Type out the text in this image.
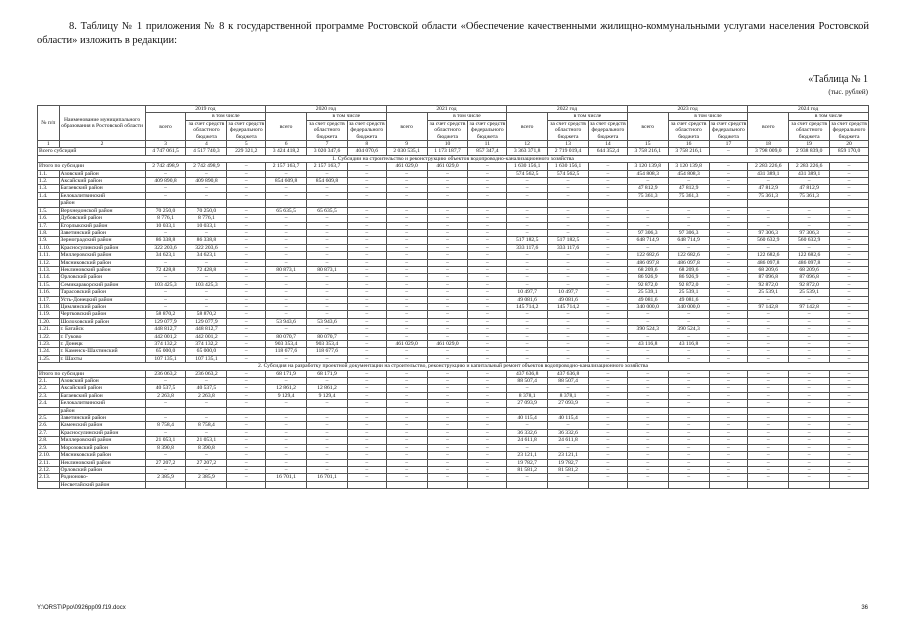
8. Таблицу № 1 приложения № 8 к государственной программе Ростовской области «Обеспечение качественными жилищно-коммунальными услугами населения Ростовской области» изложить в редакции:

«Таблица № 1
(тыс. рублей)
№ п/п	Наименование муниципального образования в Ростовской области	2019 год			2020 год			2021 год			2022 год			2023 год			2024 год		
		всего	в том числе		всего	в том числе		всего	в том числе		всего	в том числе		всего	в том числе		всего	в том числе	
			за счет средств областного бюджета	за счет средств федерального бюджета		за счет средств областного бюджета	за счет средств федерального бюджета		за счет средств областного бюджета	за счет средств федерального бюджета		за счет средств областного бюджета	за счет средств федерального бюджета		за счет средств областного бюджета	за счет средств федерального бюджета		за счет средств областного бюджета	за счет средств федерального бюджета
1	2	3	4	5	6	7	8	9	10	11	12	13	14	15	16	17	18	19	20
Всего субсидий		4 747 061,5	4 517 740,3	229 321,2	3 424 418,2	3 020 347,6	404 070,6	2 030 535,1	1 173 187,7	857 347,4	3 363 371,8	2 719 019,4	644 352,4	3 758 216,1	3 758 216,1	–	3 798 009,0	2 938 839,0	859 170,0
1. Субсидии на строительство и реконструкцию объектов водопроводно-канализационного хозяйства																			
Итого по субсидии		2 742 498,9	2 742 498,9	–	2 157 163,7	2 157 163,7	–	461 029,0	461 029,0	–	1 630 156,1	1 630 156,1	–	3 120 139,8	3 120 139,8	–	2 283 226,6	2 283 226,6	–
1.1.	Азовский район	–	–	–	–	–	–	–	–	–	574 562,5	574 562,5	–	454 808,3	454 808,3	–	431 389,1	431 389,1	–
1.2.	Аксайский район	409 890,8	409 890,8	–	854 609,8	854 609,8	–	–	–	–	–	–	–	–	–	–	–	–	–
1.3.	Багаевский район	–	–	–	–	–	–	–	–	–	–	–	–	47 812,9	47 812,9	–	47 812,9	47 812,9	–
1.4.	Белокалитвинский	–	–	–	–	–	–	–	–	–	–	–	–	75 361,3	75 361,3	–	75 361,3	75 361,3	–
	район																		
1.5.	Верхнедонской район	70 250,0	70 250,0	–	65 635,5	65 635,5	–	–	–	–	–	–	–	–	–	–	–	–	–
1.6.	Дубовский район	8 776,1	8 776,1	–	–	–	–	–	–	–	–	–	–	–	–	–	–	–	–
1.7.	Егорлыкский район	10 033,1	10 033,1	–	–	–	–	–	–	–	–	–	–	–	–	–	–	–	–
1.8.	Заветинский район	–	–	–	–	–	–	–	–	–	–	–	–	97 306,3	97 306,3	–	97 306,3	97 306,3	–
1.9.	Зерноградский район	86 338,8	86 338,8	–	–	–	–	–	–	–	517 182,5	517 182,5	–	648 714,9	648 714,9	–	560 632,9	560 632,9	–
1.10.	Красносулинский район	322 203,6	322 203,6	–	–	–	–	–	–	–	333 117,6	333 117,6	–	–	–	–	–	–	–
1.11.	Миллеровский район	34 623,1	34 623,1	–	–	–	–	–	–	–	–	–	–	122 682,6	122 682,6	–	122 682,6	122 682,6	–
1.12.	Мясниковский район	–	–	–	–	–	–	–	–	–	–	–	–	486 097,8	486 097,8	–	486 097,8	486 097,8	–
1.13.	Неклиновский район	72 428,8	72 428,8	–	80 873,1	80 873,1	–	–	–	–	–	–	–	68 209,6	68 209,6	–	68 209,6	68 209,6	–
1.14.	Орловский район	–	–	–	–	–	–	–	–	–	–	–	–	86 926,9	86 926,9	–	87 096,8	87 096,8	–
1.15.	Семикаракорский район	103 425,3	103 425,3	–	–	–	–	–	–	–	–	–	–	92 872,0	92 872,0	–	92 872,0	92 872,0	–
1.16.	Тарасовский район	–	–	–	–	–	–	–	–	–	10 497,7	10 497,7	–	25 539,1	25 539,1	–	25 539,1	25 539,1	–
1.17.	Усть-Донецкий район	–	–	–	–	–	–	–	–	–	49 081,6	49 081,6	–	49 081,6	49 081,6	–	–	–	–
1.18.	Цимлянский район	–	–	–	–	–	–	–	–	–	145 714,2	145 714,2	–	340 000,0	340 000,0	–	97 142,8	97 142,8	–
1.19.	Чертковский район	58 870,2	58 870,2	–	–	–	–	–	–	–	–	–	–	–	–	–	–	–	–
1.20.	Шолоховский район	129 077,9	129 077,9	–	53 943,6	53 943,6	–	–	–	–	–	–	–	–	–	–	–	–	–
1.21.	г. Батайск	448 812,7	448 812,7	–	–	–	–	–	–	–	–	–	–	390 524,3	390 524,3	–	–	–	–
1.22.	г. Гуково	442 001,2	442 001,2	–	80 070,7	80 070,7	–	–	–	–	–	–	–	–	–	–	–	–	–
1.23.	г. Донецк	374 132,2	374 132,2	–	903 353,4	903 353,4	–	461 029,0	461 029,0	–	–	–	–	43 116,8	43 116,8	–	–	–	–
1.24.	г. Каменск-Шахтинский	65 000,0	65 000,0	–	118 677,6	118 677,6	–	–	–	–	–	–	–	–	–	–	–	–	–
1.25.	г. Шахты	107 135,1	107 135,1	–	–	–	–	–	–	–	–	–	–	–	–	–	–	–	–
2. Субсидия на разработку проектной документации на строительство, реконструкцию и капитальный ремонт объектов водопроводно-канализационного хозяйства																			
Итого по субсидии		236 063,2	236 063,2	–	68 171,9	68 171,9	–	–	–	–	437 636,8	437 636,8	–	–	–	–	–	–	–
2.1.	Азовский район	–	–	–	–	–	–	–	–	–	88 507,4	88 507,4	–	–	–	–	–	–	–
2.2.	Аксайский район	40 537,5	40 537,5	–	12 861,2	12 861,2	–	–	–	–	–	–	–	–	–	–	–	–	–
2.3.	Багаевский район	2 263,8	2 263,8	–	9 129,4	9 129,4	–	–	–	–	8 378,1	8 378,1	–	–	–	–	–	–	–
2.4.	Белокалитвинский	–	–	–	–	–	–	–	–	–	27 093,9	27 093,9	–	–	–	–	–	–	–
	район																		
2.5.	Заветинский район	–	–	–	–	–	–	–	–	–	40 115,4	40 115,4	–	–	–	–	–	–	–
2.6.	Каменский район	8 758,4	8 758,4	–	–	–	–	–	–	–	–	–	–	–	–	–	–	–	–
2.7.	Красносулинский район	–	–	–	–	–	–	–	–	–	36 332,6	36 332,6	–	–	–	–	–	–	–
2.8.	Миллеровский район	21 053,1	21 053,1	–	–	–	–	–	–	–	24 611,8	24 611,8	–	–	–	–	–	–	–
2.9.	Морозовский район	8 390,8	8 390,8	–	–	–	–	–	–	–	–	–	–	–	–	–	–	–	–
2.10.	Мясниковский район	–	–	–	–	–	–	–	–	–	23 121,1	23 121,1	–	–	–	–	–	–	–
2.11.	Неклиновский район	27 207,2	27 207,2	–	–	–	–	–	–	–	19 782,7	19 782,7	–	–	–	–	–	–	–
2.12.	Орловский район	–	–	–	–	–	–	–	–	–	81 581,2	81 581,2	–	–	–	–	–	–	–
2.13.	Родионово-	2 385,9	2 385,9	–	16 701,1	16 701,1	–	–	–	–	–	–	–	–	–	–	–	–	–
	Несветайский район																		
Y:\ORST\Ppo\0926pp09.f19.docx	36
